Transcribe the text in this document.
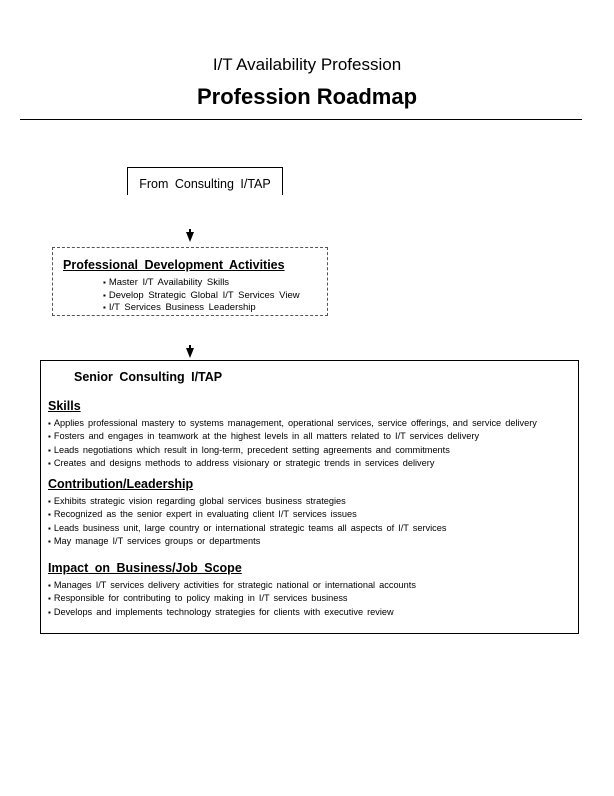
I/T Availability Profession
Profession Roadmap
From Consulting I/TAP
Professional Development Activities
▪ Master I/T Availability Skills
▪ Develop Strategic Global I/T Services View
▪ I/T Services Business Leadership
Senior Consulting I/TAP
Skills
▪ Applies professional mastery to systems management, operational services, service offerings, and service delivery
▪ Fosters and engages in teamwork at the highest levels in all matters related to I/T services delivery
▪ Leads negotiations which result in long-term, precedent setting agreements and commitments
▪ Creates and designs methods to address visionary or strategic trends in services delivery
Contribution/Leadership
▪ Exhibits strategic vision regarding global services business strategies
▪ Recognized as the senior expert in evaluating client I/T services issues
▪ Leads business unit, large country or international strategic teams all aspects of I/T services
▪ May manage I/T services groups or departments
Impact on Business/Job Scope
▪ Manages I/T services delivery activities for strategic national or international accounts
▪ Responsible for contributing to policy making in I/T services business
▪ Develops and implements technology strategies for clients with executive review
